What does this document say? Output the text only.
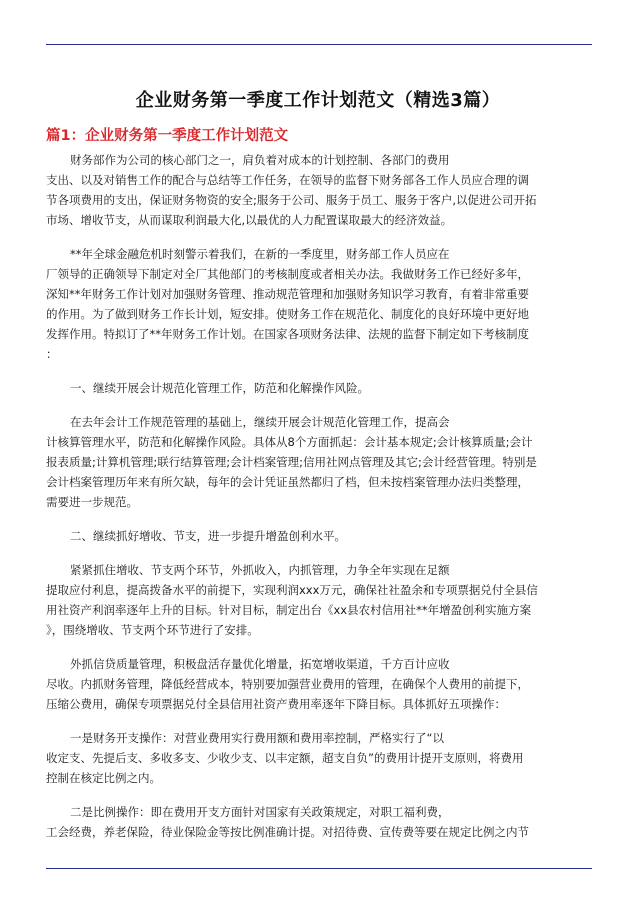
企业财务第一季度工作计划范文（精选3篇）
篇1：企业财务第一季度工作计划范文
财务部作为公司的核心部门之一，肩负着对成本的计划控制、各部门的费用
支出、以及对销售工作的配合与总结等工作任务，在领导的监督下财务部各工作人员应合理的调
节各项费用的支出，保证财务物资的安全;服务于公司、服务于员工、服务于客户,以促进公司开拓
市场、增收节支，从而谋取利润最大化,以最优的人力配置谋取最大的经济效益。
**年全球金融危机时刻警示着我们，在新的一季度里，财务部工作人员应在
厂领导的正确领导下制定对全厂其他部门的考核制度或者相关办法。我做财务工作已经好多年，
深知**年财务工作计划对加强财务管理、推动规范管理和加强财务知识学习教育，有着非常重要
的作用。为了做到财务工作长计划，短安排。使财务工作在规范化、制度化的良好环境中更好地
发挥作用。特拟订了**年财务工作计划。在国家各项财务法律、法规的监督下制定如下考核制度
：
一、继续开展会计规范化管理工作，防范和化解操作风险。
在去年会计工作规范管理的基础上，继续开展会计规范化管理工作，提高会
计核算管理水平，防范和化解操作风险。具体从8个方面抓起：会计基本规定;会计核算质量;会计
报表质量;计算机管理;联行结算管理;会计档案管理;信用社网点管理及其它;会计经营管理。特别是
会计档案管理历年来有所欠缺，每年的会计凭证虽然都归了档，但未按档案管理办法归类整理，
需要进一步规范。
二、继续抓好增收、节支，进一步提升增盈创利水平。
紧紧抓住增收、节支两个环节，外抓收入，内抓管理，力争全年实现在足额
提取应付利息，提高拨备水平的前提下，实现利润xxx万元，确保社社盈余和专项票据兑付全县信
用社资产利润率逐年上升的目标。针对目标，制定出台《xx县农村信用社**年增盈创利实施方案
》，围绕增收、节支两个环节进行了安排。
外抓信贷质量管理，积极盘活存量优化增量，拓宽增收渠道，千方百计应收
尽收。内抓财务管理，降低经营成本，特别要加强营业费用的管理，在确保个人费用的前提下，
压缩公费用，确保专项票据兑付全县信用社资产费用率逐年下降目标。具体抓好五项操作：
一是财务开支操作：对营业费用实行费用额和费用率控制，严格实行了“以
收定支、先提后支、多收多支、少收少支、以丰定额，超支自负”的费用计提开支原则，将费用
控制在核定比例之内。
二是比例操作：即在费用开支方面针对国家有关政策规定，对职工福利费，
工会经费，养老保险，待业保险金等按比例准确计提。对招待费、宣传费等要在规定比例之内节
